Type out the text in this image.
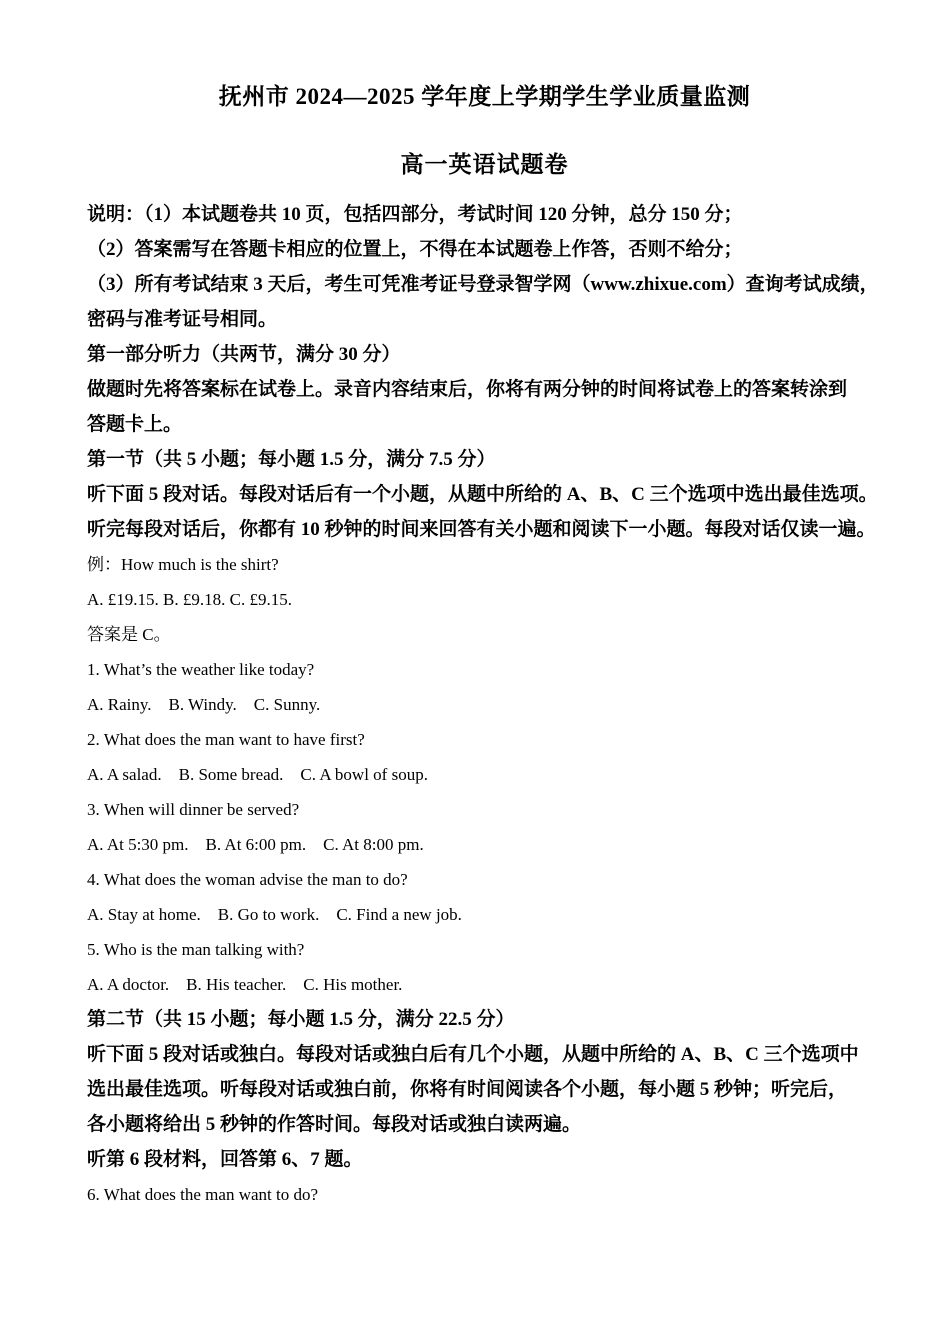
抚州市 2024—2025 学年度上学期学生学业质量监测
高一英语试题卷

说明：（1）本试题卷共 10 页，包括四部分，考试时间 120 分钟，总分 150 分；

（2）答案需写在答题卡相应的位置上，不得在本试题卷上作答，否则不给分；

（3）所有考试结束 3 天后，考生可凭准考证号登录智学网（www.zhixue.com）查询考试成绩，

密码与准考证号相同。

第一部分听力（共两节，满分 30 分）

做题时先将答案标在试卷上。录音内容结束后，你将有两分钟的时间将试卷上的答案转涂到

答题卡上。

第一节（共 5 小题；每小题 1.5 分，满分 7.5 分）

听下面 5 段对话。每段对话后有一个小题，从题中所给的 A、B、C 三个选项中选出最佳选项。

听完每段对话后，你都有 10 秒钟的时间来回答有关小题和阅读下一小题。每段对话仅读一遍。

例：How much is the shirt?

A. £19.15. B. £9.18. C. £9.15.

答案是 C。

1. What’s the weather like today?

A. Rainy.    B. Windy.    C. Sunny.

2. What does the man want to have first?

A. A salad.    B. Some bread.    C. A bowl of soup.

3. When will dinner be served?

A. At 5:30 pm.    B. At 6:00 pm.    C. At 8:00 pm.

4. What does the woman advise the man to do?

A. Stay at home.    B. Go to work.    C. Find a new job.

5. Who is the man talking with?

A. A doctor.    B. His teacher.    C. His mother.

第二节（共 15 小题；每小题 1.5 分，满分 22.5 分）

听下面 5 段对话或独白。每段对话或独白后有几个小题，从题中所给的 A、B、C 三个选项中

选出最佳选项。听每段对话或独白前，你将有时间阅读各个小题，每小题 5 秒钟；听完后，

各小题将给出 5 秒钟的作答时间。每段对话或独白读两遍。

听第 6 段材料，回答第 6、7 题。

6. What does the man want to do?
